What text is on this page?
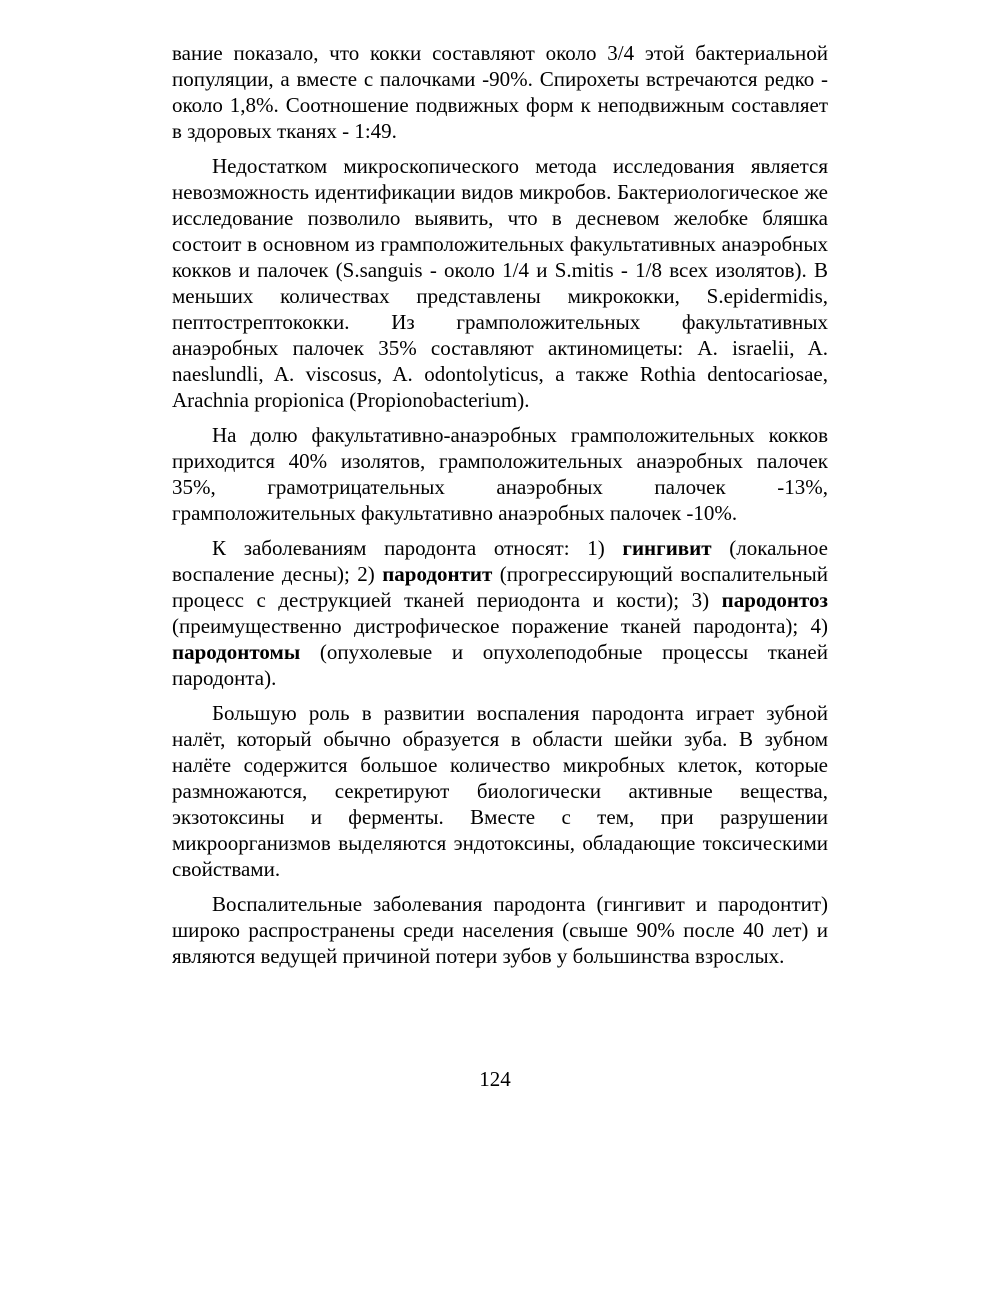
вание показало, что кокки составляют около 3/4 этой бактериальной популяции, а вместе с палочками -90%. Спирохеты встречаются редко - около 1,8%. Соотношение подвижных форм к неподвижным составляет в здоровых тканях - 1:49.

Недостатком микроскопического метода исследования является невозможность идентификации видов микробов. Бактериологическое же исследование позволило выявить, что в десневом желобке бляшка состоит в основном из грамположительных факультативных анаэробных кокков и палочек (S.sanguis - около 1/4 и S.mitis - 1/8 всех изолятов). В меньших количествах представлены микрококки, S.epidermidis, пептострептококки. Из грамположительных факультативных анаэробных палочек 35% составляют актиномицеты: A. israelii, A. naeslundli, A. viscosus, A. odontolyticus, а также Rothia dentocariosae, Arachnia propionica (Propionobacterium).

На долю факультативно-анаэробных грамположительных кокков приходится 40% изолятов, грамположительных анаэробных палочек 35%, грамотрицательных анаэробных палочек -13%, грамположительных факультативно анаэробных палочек -10%.

К заболеваниям пародонта относят: 1) гингивит (локальное воспаление десны); 2) пародонтит (прогрессирующий воспалительный процесс с деструкцией тканей периодонта и кости); 3) пародонтоз (преимущественно дистрофическое поражение тканей пародонта); 4) пародонтомы (опухолевые и опухолеподобные процессы тканей пародонта).

Большую роль в развитии воспаления пародонта играет зубной налёт, который обычно образуется в области шейки зуба. В зубном налёте содержится большое количество микробных клеток, которые размножаются, секретируют биологически активные вещества, экзотоксины и ферменты. Вместе с тем, при разрушении микроорганизмов выделяются эндотоксины, обладающие токсическими свойствами.

Воспалительные заболевания пародонта (гингивит и пародонтит) широко распространены среди населения (свыше 90% после 40 лет) и являются ведущей причиной потери зубов у большинства взрослых.

124
